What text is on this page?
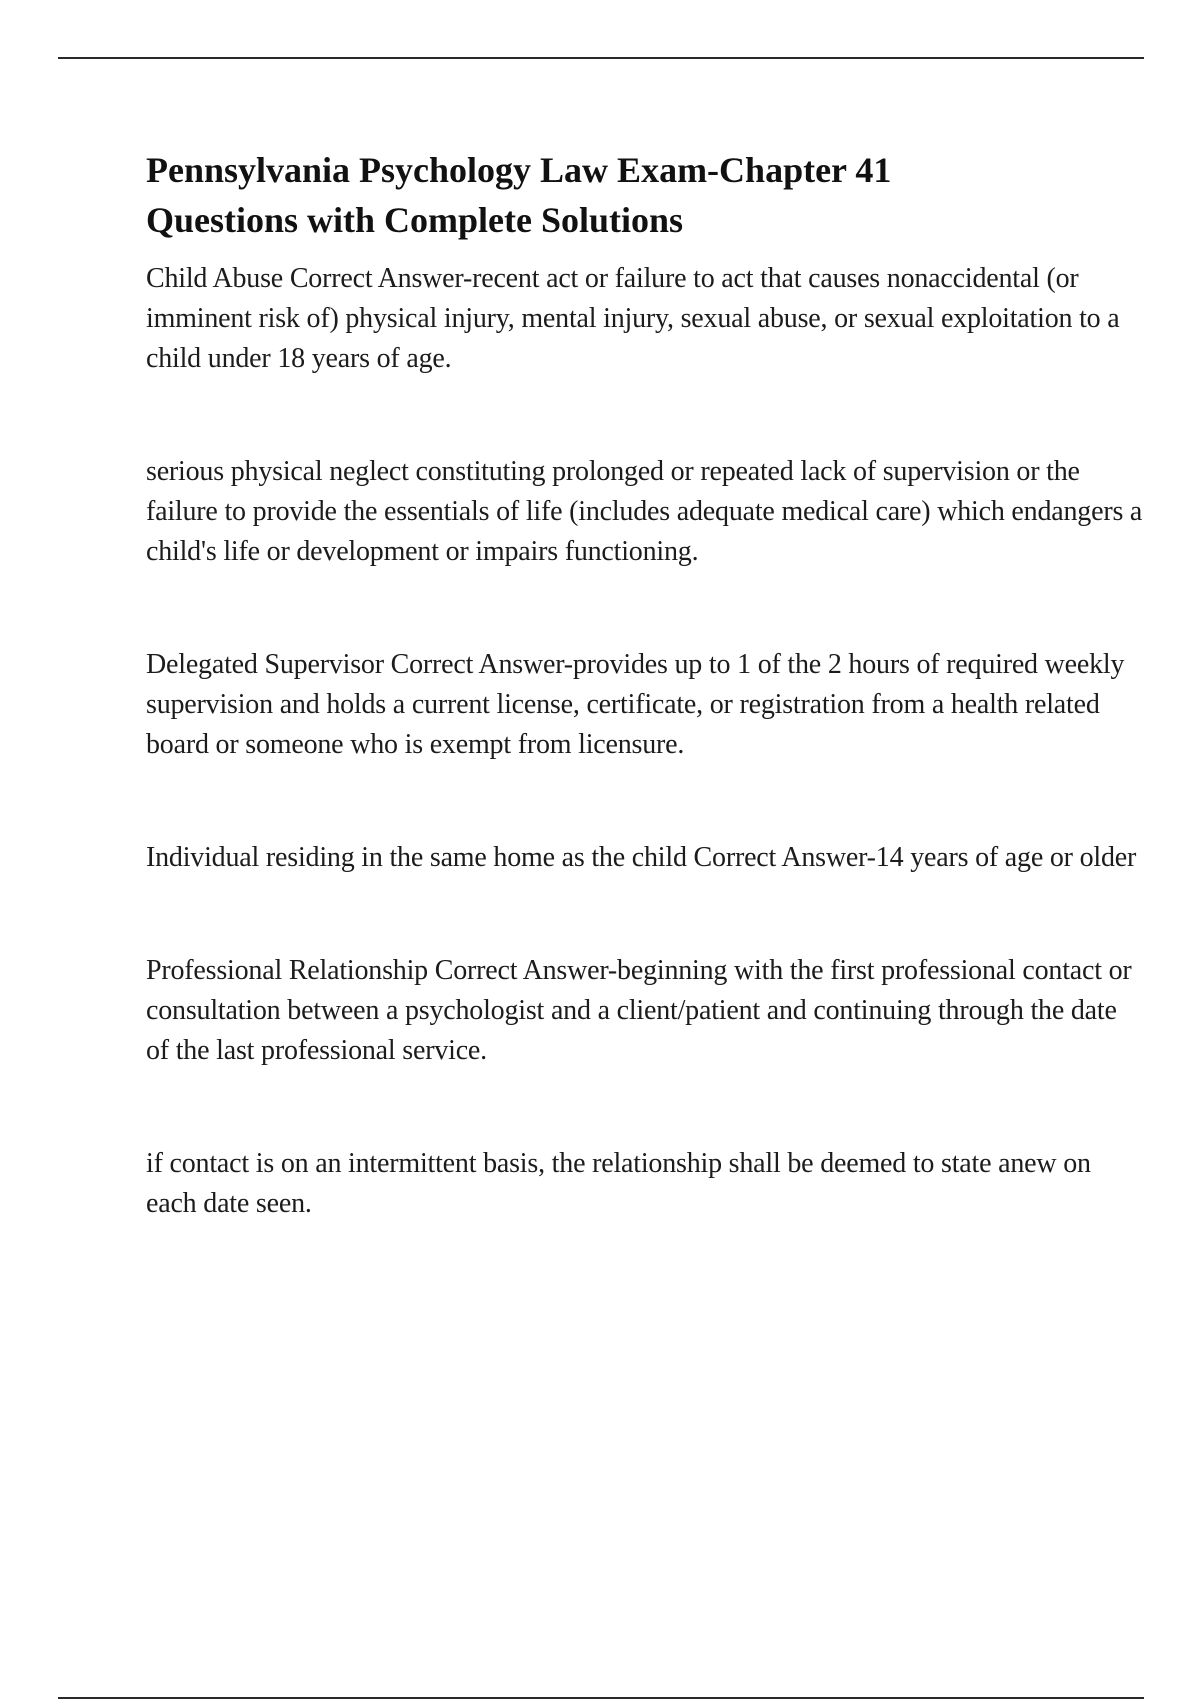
Pennsylvania Psychology Law Exam-Chapter 41
Questions with Complete Solutions

Child Abuse Correct Answer-recent act or failure to act that causes nonaccidental (or imminent risk of) physical injury, mental injury, sexual abuse, or sexual exploitation to a child under 18 years of age.

serious physical neglect constituting prolonged or repeated lack of supervision or the failure to provide the essentials of life (includes adequate medical care) which endangers a child's life or development or impairs functioning.

Delegated Supervisor Correct Answer-provides up to 1 of the 2 hours of required weekly supervision and holds a current license, certificate, or registration from a health related board or someone who is exempt from licensure.

Individual residing in the same home as the child Correct Answer-14 years of age or older

Professional Relationship Correct Answer-beginning with the first professional contact or consultation between a psychologist and a client/patient and continuing through the date of the last professional service.

if contact is on an intermittent basis, the relationship shall be deemed to state anew on each date seen.
